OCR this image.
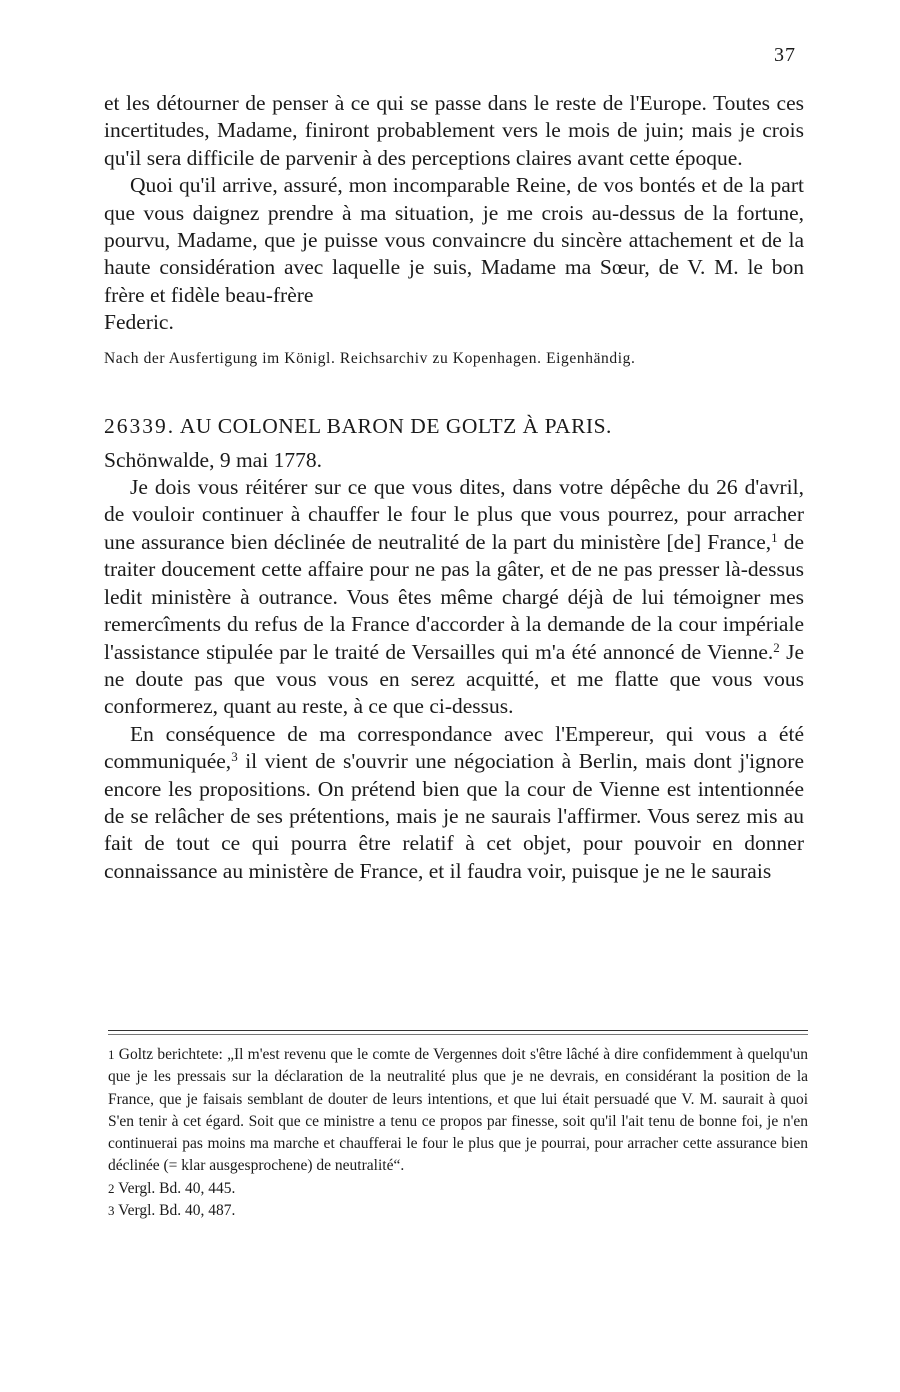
37

et les détourner de penser à ce qui se passe dans le reste de l'Europe. Toutes ces incertitudes, Madame, finiront probablement vers le mois de juin; mais je crois qu'il sera difficile de parvenir à des perceptions claires avant cette époque.

Quoi qu'il arrive, assuré, mon incomparable Reine, de vos bontés et de la part que vous daignez prendre à ma situation, je me crois au-dessus de la fortune, pourvu, Madame, que je puisse vous convaincre du sincère attachement et de la haute considération avec laquelle je suis, Madame ma Sœur, de V. M. le bon frère et fidèle beau-frère

Federic.

Nach der Ausfertigung im Königl. Reichsarchiv zu Kopenhagen. Eigenhändig.

26339. AU COLONEL BARON DE GOLTZ À PARIS.

Schönwalde, 9 mai 1778.

Je dois vous réitérer sur ce que vous dites, dans votre dépêche du 26 d'avril, de vouloir continuer à chauffer le four le plus que vous pourrez, pour arracher une assurance bien déclinée de neutralité de la part du ministère [de] France,$^1$ de traiter doucement cette affaire pour ne pas la gâter, et de ne pas presser là-dessus ledit ministère à outrance. Vous êtes même chargé déjà de lui témoigner mes remercîments du refus de la France d'accorder à la demande de la cour impériale l'assistance stipulée par le traité de Versailles qui m'a été annoncé de Vienne.$^2$ Je ne doute pas que vous vous en serez acquitté, et me flatte que vous vous conformerez, quant au reste, à ce que ci-dessus.

En conséquence de ma correspondance avec l'Empereur, qui vous a été communiquée,$^3$ il vient de s'ouvrir une négociation à Berlin, mais dont j'ignore encore les propositions. On prétend bien que la cour de Vienne est intentionnée de se relâcher de ses prétentions, mais je ne saurais l'affirmer. Vous serez mis au fait de tout ce qui pourra être relatif à cet objet, pour pouvoir en donner connaissance au ministère de France, et il faudra voir, puisque je ne le saurais

1 Goltz berichtete: „Il m'est revenu que le comte de Vergennes doit s'être lâché à dire confidemment à quelqu'un que je les pressais sur la déclaration de la neutralité plus que je ne devrais, en considérant la position de la France, que je faisais semblant de douter de leurs intentions, et que lui était persuadé que V. M. saurait à quoi S'en tenir à cet égard. Soit que ce ministre a tenu ce propos par finesse, soit qu'il l'ait tenu de bonne foi, je n'en continuerai pas moins ma marche et chaufferai le four le plus que je pourrai, pour arracher cette assurance bien déclinée (= klar ausgesprochene) de neutralité“.

2 Vergl. Bd. 40, 445.

3 Vergl. Bd. 40, 487.
